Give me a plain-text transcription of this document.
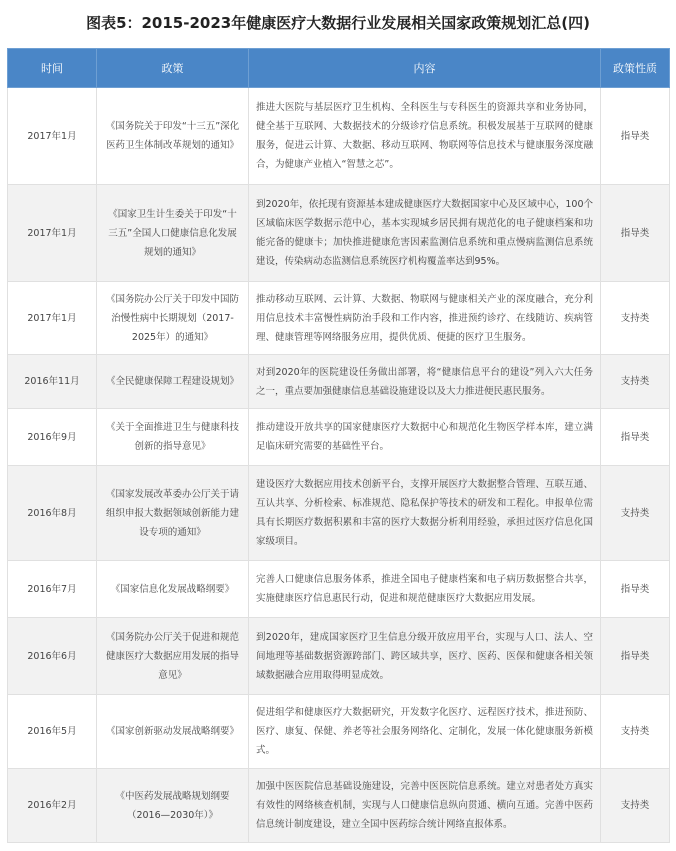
图表5：2015-2023年健康医疗大数据行业发展相关国家政策规划汇总(四)
时间	政策	内容	政策性质
2017年1月	《国务院关于印发“十三五”深化医药卫生体制改革规划的通知》	推进大医院与基层医疗卫生机构、全科医生与专科医生的资源共享和业务协同，健全基于互联网、大数据技术的分级诊疗信息系统。积极发展基于互联网的健康服务，促进云计算、大数据、移动互联网、物联网等信息技术与健康服务深度融合，为健康产业植入“智慧之芯”。	指导类
2017年1月	《国家卫生计生委关于印发“十三五”全国人口健康信息化发展规划的通知》	到2020年，依托现有资源基本建成健康医疗大数据国家中心及区域中心，100个区域临床医学数据示范中心，基本实现城乡居民拥有规范化的电子健康档案和功能完备的健康卡；加快推进健康危害因素监测信息系统和重点慢病监测信息系统建设，传染病动态监测信息系统医疗机构覆盖率达到95%。	指导类
2017年1月	《国务院办公厅关于印发中国防治慢性病中长期规划（2017-2025年）的通知》	推动移动互联网、云计算、大数据、物联网与健康相关产业的深度融合，充分利用信息技术丰富慢性病防治手段和工作内容，推进预约诊疗、在线随访、疾病管理、健康管理等网络服务应用，提供优质、便捷的医疗卫生服务。	支持类
2016年11月	《全民健康保障工程建设规划》	对到2020年的医院建设任务做出部署，将“健康信息平台的建设”列入六大任务之一，重点要加强健康信息基础设施建设以及大力推进便民惠民服务。	支持类
2016年9月	《关于全面推进卫生与健康科技创新的指导意见》	推动建设开放共享的国家健康医疗大数据中心和规范化生物医学样本库，建立满足临床研究需要的基础性平台。	指导类
2016年8月	《国家发展改革委办公厅关于请组织申报大数据领域创新能力建设专项的通知》	建设医疗大数据应用技术创新平台，支撑开展医疗大数据整合管理、互联互通、互认共享、分析检索、标准规范、隐私保护等技术的研发和工程化。申报单位需具有长期医疗数据积累和丰富的医疗大数据分析利用经验，承担过医疗信息化国家级项目。	支持类
2016年7月	《国家信息化发展战略纲要》	完善人口健康信息服务体系，推进全国电子健康档案和电子病历数据整合共享，实施健康医疗信息惠民行动，促进和规范健康医疗大数据应用发展。	指导类
2016年6月	《国务院办公厅关于促进和规范健康医疗大数据应用发展的指导意见》	到2020年，建成国家医疗卫生信息分级开放应用平台，实现与人口、法人、空间地理等基础数据资源跨部门、跨区域共享，医疗、医药、医保和健康各相关领域数据融合应用取得明显成效。	指导类
2016年5月	《国家创新驱动发展战略纲要》	促进组学和健康医疗大数据研究，开发数字化医疗、远程医疗技术，推进预防、医疗、康复、保健、养老等社会服务网络化、定制化，发展一体化健康服务新模式。	支持类
2016年2月	《中医药发展战略规划纲要（2016—2030年）》	加强中医医院信息基础设施建设，完善中医医院信息系统。建立对患者处方真实有效性的网络核查机制，实现与人口健康信息纵向贯通、横向互通。完善中医药信息统计制度建设，建立全国中医药综合统计网络直报体系。	支持类
